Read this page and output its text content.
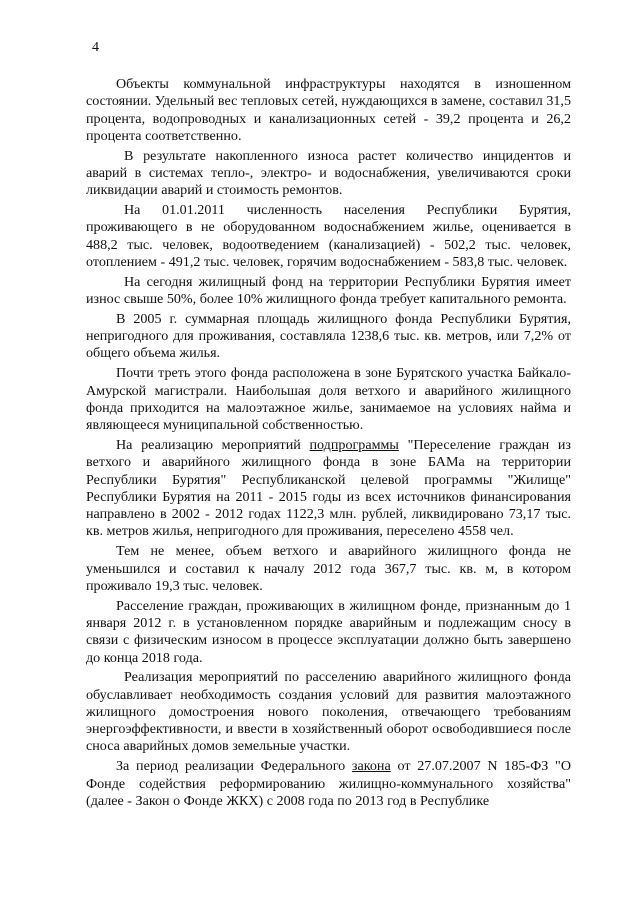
4

Объекты коммунальной инфраструктуры находятся в изношенном состоянии. Удельный вес тепловых сетей, нуждающихся в замене, составил 31,5 процента, водопроводных и канализационных сетей - 39,2 процента и 26,2 процента соответственно.

В результате накопленного износа растет количество инцидентов и аварий в системах тепло-, электро- и водоснабжения, увеличиваются сроки ликвидации аварий и стоимость ремонтов.

На 01.01.2011 численность населения Республики Бурятия, проживающего в не оборудованном водоснабжением жилье, оценивается в 488,2 тыс. человек, водоотведением (канализацией) - 502,2 тыс. человек, отоплением - 491,2 тыс. человек, горячим водоснабжением - 583,8 тыс. человек.

На сегодня жилищный фонд на территории Республики Бурятия имеет износ свыше 50%, более 10% жилищного фонда требует капитального ремонта.

В 2005 г. суммарная площадь жилищного фонда Республики Бурятия, непригодного для проживания, составляла 1238,6 тыс. кв. метров, или 7,2% от общего объема жилья.

Почти треть этого фонда расположена в зоне Бурятского участка Байкало-Амурской магистрали. Наибольшая доля ветхого и аварийного жилищного фонда приходится на малоэтажное жилье, занимаемое на условиях найма и являющееся муниципальной собственностью.

На реализацию мероприятий подпрограммы "Переселение граждан из ветхого и аварийного жилищного фонда в зоне БАМа на территории Республики Бурятия" Республиканской целевой программы "Жилище" Республики Бурятия на 2011 - 2015 годы из всех источников финансирования направлено в 2002 - 2012 годах 1122,3 млн. рублей, ликвидировано 73,17 тыс. кв. метров жилья, непригодного для проживания, переселено 4558 чел.

Тем не менее, объем ветхого и аварийного жилищного фонда не уменьшился и составил к началу 2012 года 367,7 тыс. кв. м, в котором проживало 19,3 тыс. человек.

Расселение граждан, проживающих в жилищном фонде, признанным до 1 января 2012 г. в установленном порядке аварийным и подлежащим сносу в связи с физическим износом в процессе эксплуатации должно быть завершено до конца 2018 года.

Реализация мероприятий по расселению аварийного жилищного фонда обуславливает необходимость создания условий для развития малоэтажного жилищного домостроения нового поколения, отвечающего требованиям энергоэффективности, и ввести в хозяйственный оборот освободившиеся после сноса аварийных домов земельные участки.

За период реализации Федерального закона от 27.07.2007 N 185-ФЗ "О Фонде содействия реформированию жилищно-коммунального хозяйства" (далее - Закон о Фонде ЖКХ) с 2008 года по 2013 год в Республике
